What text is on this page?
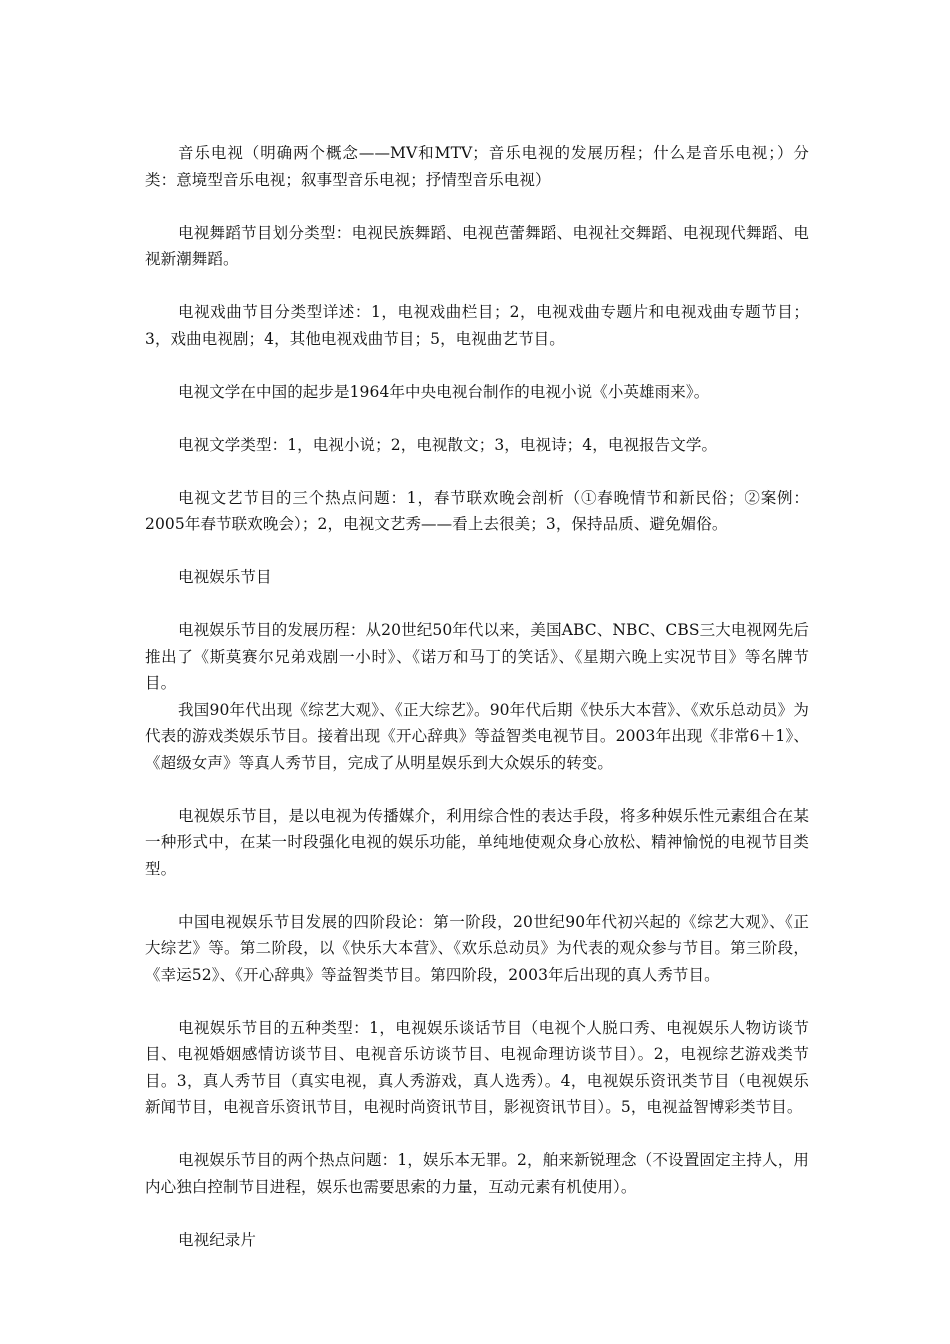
音乐电视（明确两个概念——MV和MTV；音乐电视的发展历程；什么是音乐电视；）分类：意境型音乐电视；叙事型音乐电视；抒情型音乐电视）

电视舞蹈节目划分类型：电视民族舞蹈、电视芭蕾舞蹈、电视社交舞蹈、电视现代舞蹈、电视新潮舞蹈。

电视戏曲节目分类型详述：1，电视戏曲栏目；2，电视戏曲专题片和电视戏曲专题节目；3，戏曲电视剧；4，其他电视戏曲节目；5，电视曲艺节目。

电视文学在中国的起步是1964年中央电视台制作的电视小说《小英雄雨来》。

电视文学类型：1，电视小说；2，电视散文；3，电视诗；4，电视报告文学。

电视文艺节目的三个热点问题：1，春节联欢晚会剖析（①春晚情节和新民俗；②案例：2005年春节联欢晚会）；2，电视文艺秀——看上去很美；3，保持品质、避免媚俗。

电视娱乐节目

电视娱乐节目的发展历程：从20世纪50年代以来，美国ABC、NBC、CBS三大电视网先后推出了《斯莫赛尔兄弟戏剧一小时》、《诺万和马丁的笑话》、《星期六晚上实况节目》等名牌节目。

我国90年代出现《综艺大观》、《正大综艺》。90年代后期《快乐大本营》、《欢乐总动员》为代表的游戏类娱乐节目。接着出现《开心辞典》等益智类电视节目。2003年出现《非常6＋1》、《超级女声》等真人秀节目，完成了从明星娱乐到大众娱乐的转变。

电视娱乐节目，是以电视为传播媒介，利用综合性的表达手段，将多种娱乐性元素组合在某一种形式中，在某一时段强化电视的娱乐功能，单纯地使观众身心放松、精神愉悦的电视节目类型。

中国电视娱乐节目发展的四阶段论：第一阶段，20世纪90年代初兴起的《综艺大观》、《正大综艺》等。第二阶段，以《快乐大本营》、《欢乐总动员》为代表的观众参与节目。第三阶段，《幸运52》、《开心辞典》等益智类节目。第四阶段，2003年后出现的真人秀节目。

电视娱乐节目的五种类型：1，电视娱乐谈话节目（电视个人脱口秀、电视娱乐人物访谈节目、电视婚姻感情访谈节目、电视音乐访谈节目、电视命理访谈节目）。2，电视综艺游戏类节目。3，真人秀节目（真实电视，真人秀游戏，真人选秀）。4，电视娱乐资讯类节目（电视娱乐新闻节目，电视音乐资讯节目，电视时尚资讯节目，影视资讯节目）。5，电视益智博彩类节目。

电视娱乐节目的两个热点问题：1，娱乐本无罪。2，舶来新锐理念（不设置固定主持人，用内心独白控制节目进程，娱乐也需要思索的力量，互动元素有机使用）。

电视纪录片
